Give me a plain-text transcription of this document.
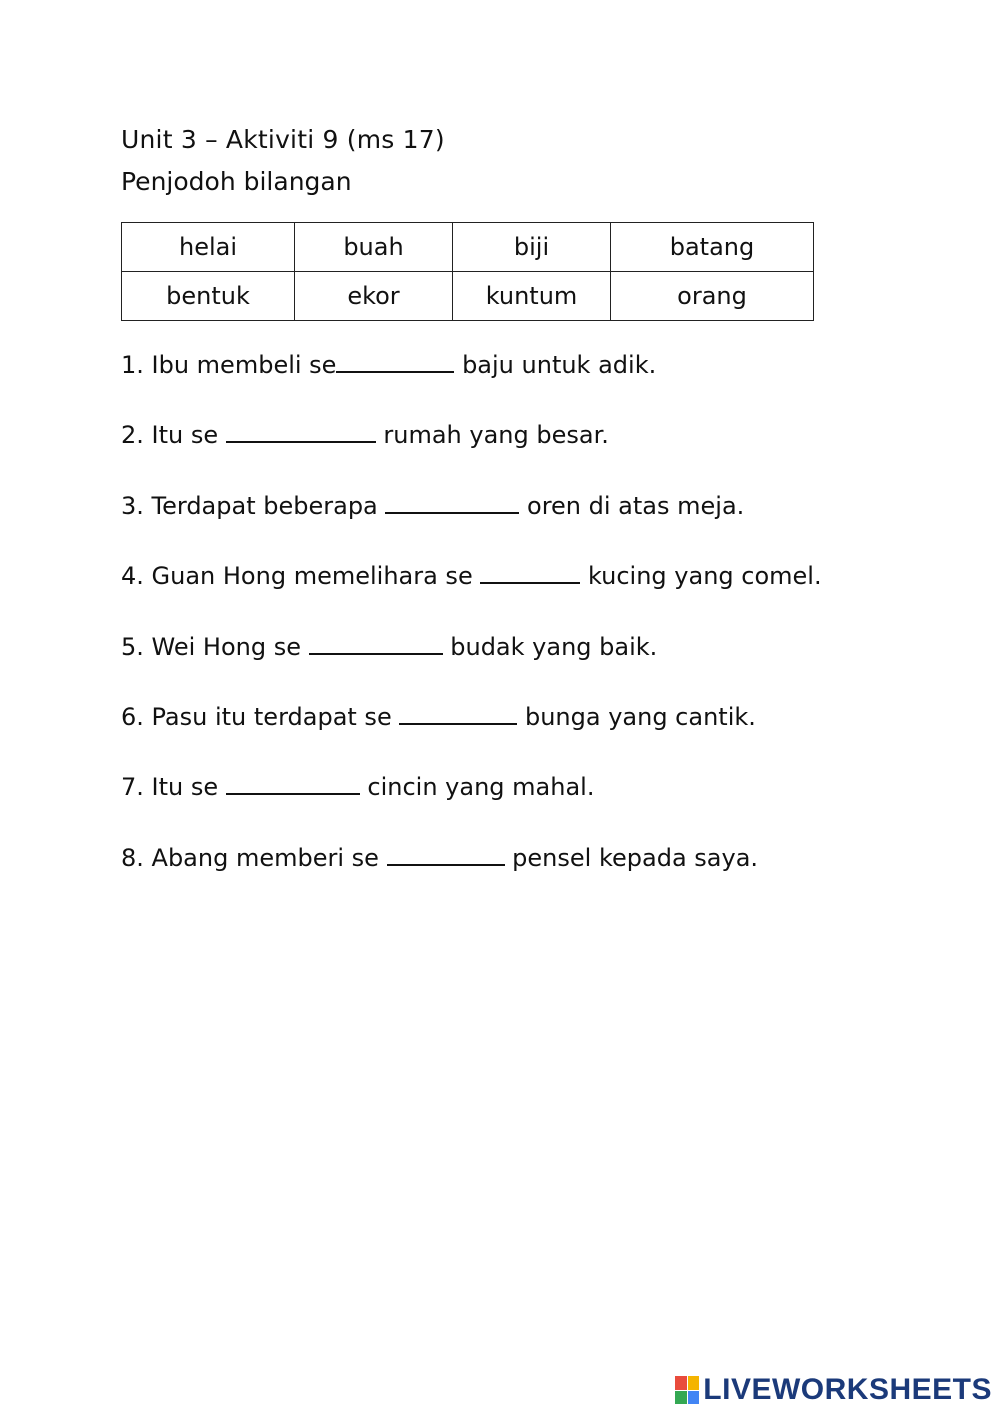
Unit 3 – Aktiviti 9 (ms 17)
Penjodoh bilangan
helai	buah	biji	batang
bentuk	ekor	kuntum	orang
1. Ibu membeli se	baju untuk adik.
2. Itu se	rumah yang besar.
3. Terdapat beberapa	oren di atas meja.
4. Guan Hong memelihara se	kucing yang comel.
5. Wei Hong se	budak yang baik.
6. Pasu itu terdapat se	bunga yang cantik.
7. Itu se	cincin yang mahal.
8. Abang memberi se	pensel kepada saya.
LIVEWORKSHEETS
